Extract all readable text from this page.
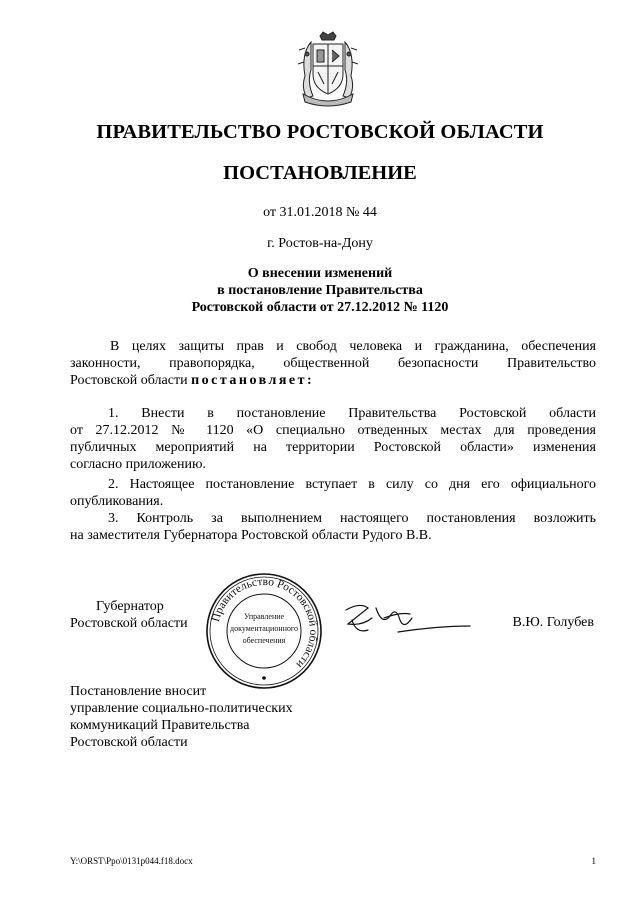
ПРАВИТЕЛЬСТВО РОСТОВСКОЙ ОБЛАСТИ
ПОСТАНОВЛЕНИЕ
от 31.01.2018 № 44
г. Ростов-на-Дону
О внесении изменений
в постановление Правительства
Ростовской области от 27.12.2012 № 1120
В целях защиты прав и свобод человека и гражданина, обеспечения
законности, правопорядка, общественной безопасности Правительство
Ростовской области постановляет:
1. Внести в постановление Правительства Ростовской области
от 27.12.2012 № 1120 «О специально отведенных местах для проведения
публичных мероприятий на территории Ростовской области» изменения
согласно приложению.
2. Настоящее постановление вступает в силу со дня его официального
опубликования.
3. Контроль за выполнением настоящего постановления возложить
на заместителя Губернатора Ростовской области Рудого В.В.
Губернатор
Ростовской области Правительство Ростовской области
Управление
документационного
обеспечения
В.Ю. Голубев
Постановление вносит
управление социально-политических
коммуникаций Правительства
Ростовской области
Y:\ORST\Ppo\0131p044.f18.docx	1
